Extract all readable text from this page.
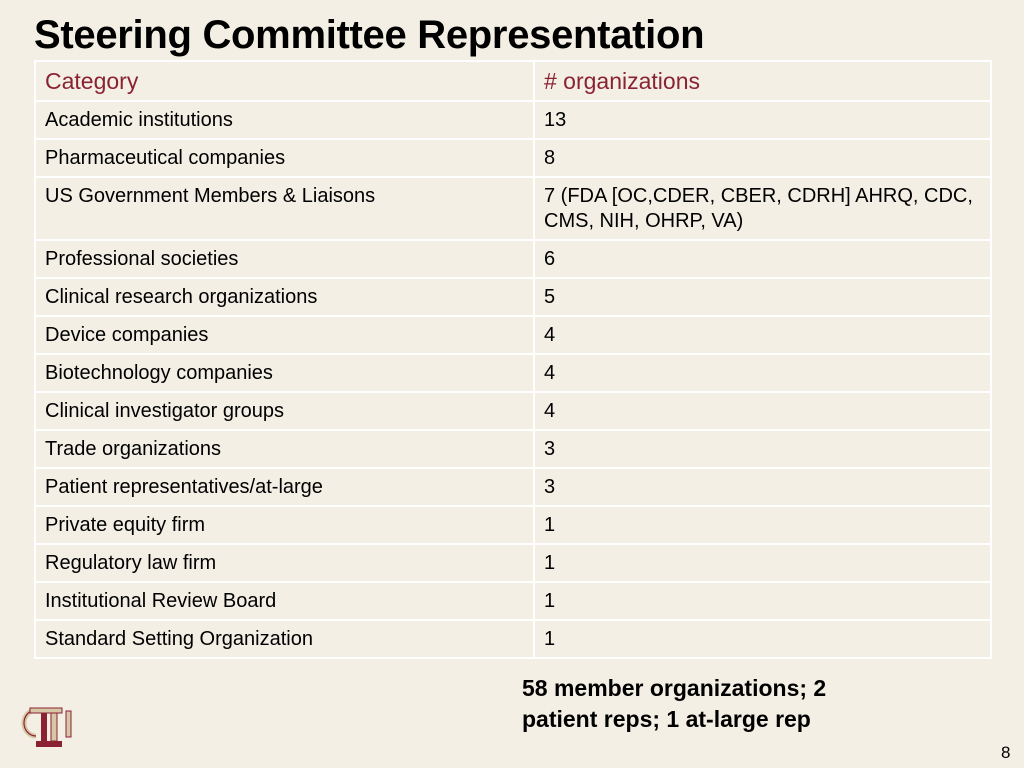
Steering Committee Representation
Category	# organizations
Academic institutions	13
Pharmaceutical companies	8
US Government Members & Liaisons	7 (FDA [OC,CDER, CBER, CDRH] AHRQ, CDC, CMS, NIH, OHRP, VA)
Professional societies	6
Clinical research organizations	5
Device companies	4
Biotechnology companies	4
Clinical investigator groups	4
Trade organizations	3
Patient representatives/at-large	3
Private equity firm	1
Regulatory law firm	1
Institutional Review Board	1
Standard Setting Organization	1

58 member organizations; 2 patient reps; 1 at-large rep

8
